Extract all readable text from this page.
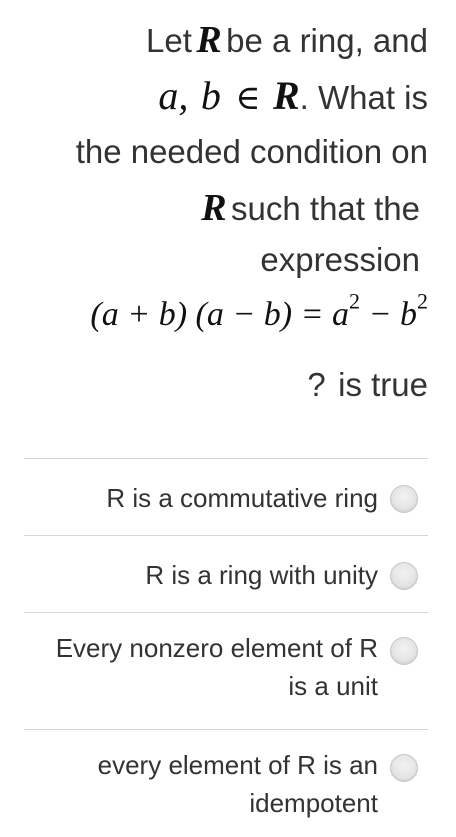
Let R be a ring, and
a, b ∈ R. What is
the needed condition on
R such that the
expression
(a + b) $(a - b) = a^2 - b^2$
? is true
R is a commutative ring
R is a ring with unity
Every nonzero element of R
is a unit
every element of R is an
idempotent
